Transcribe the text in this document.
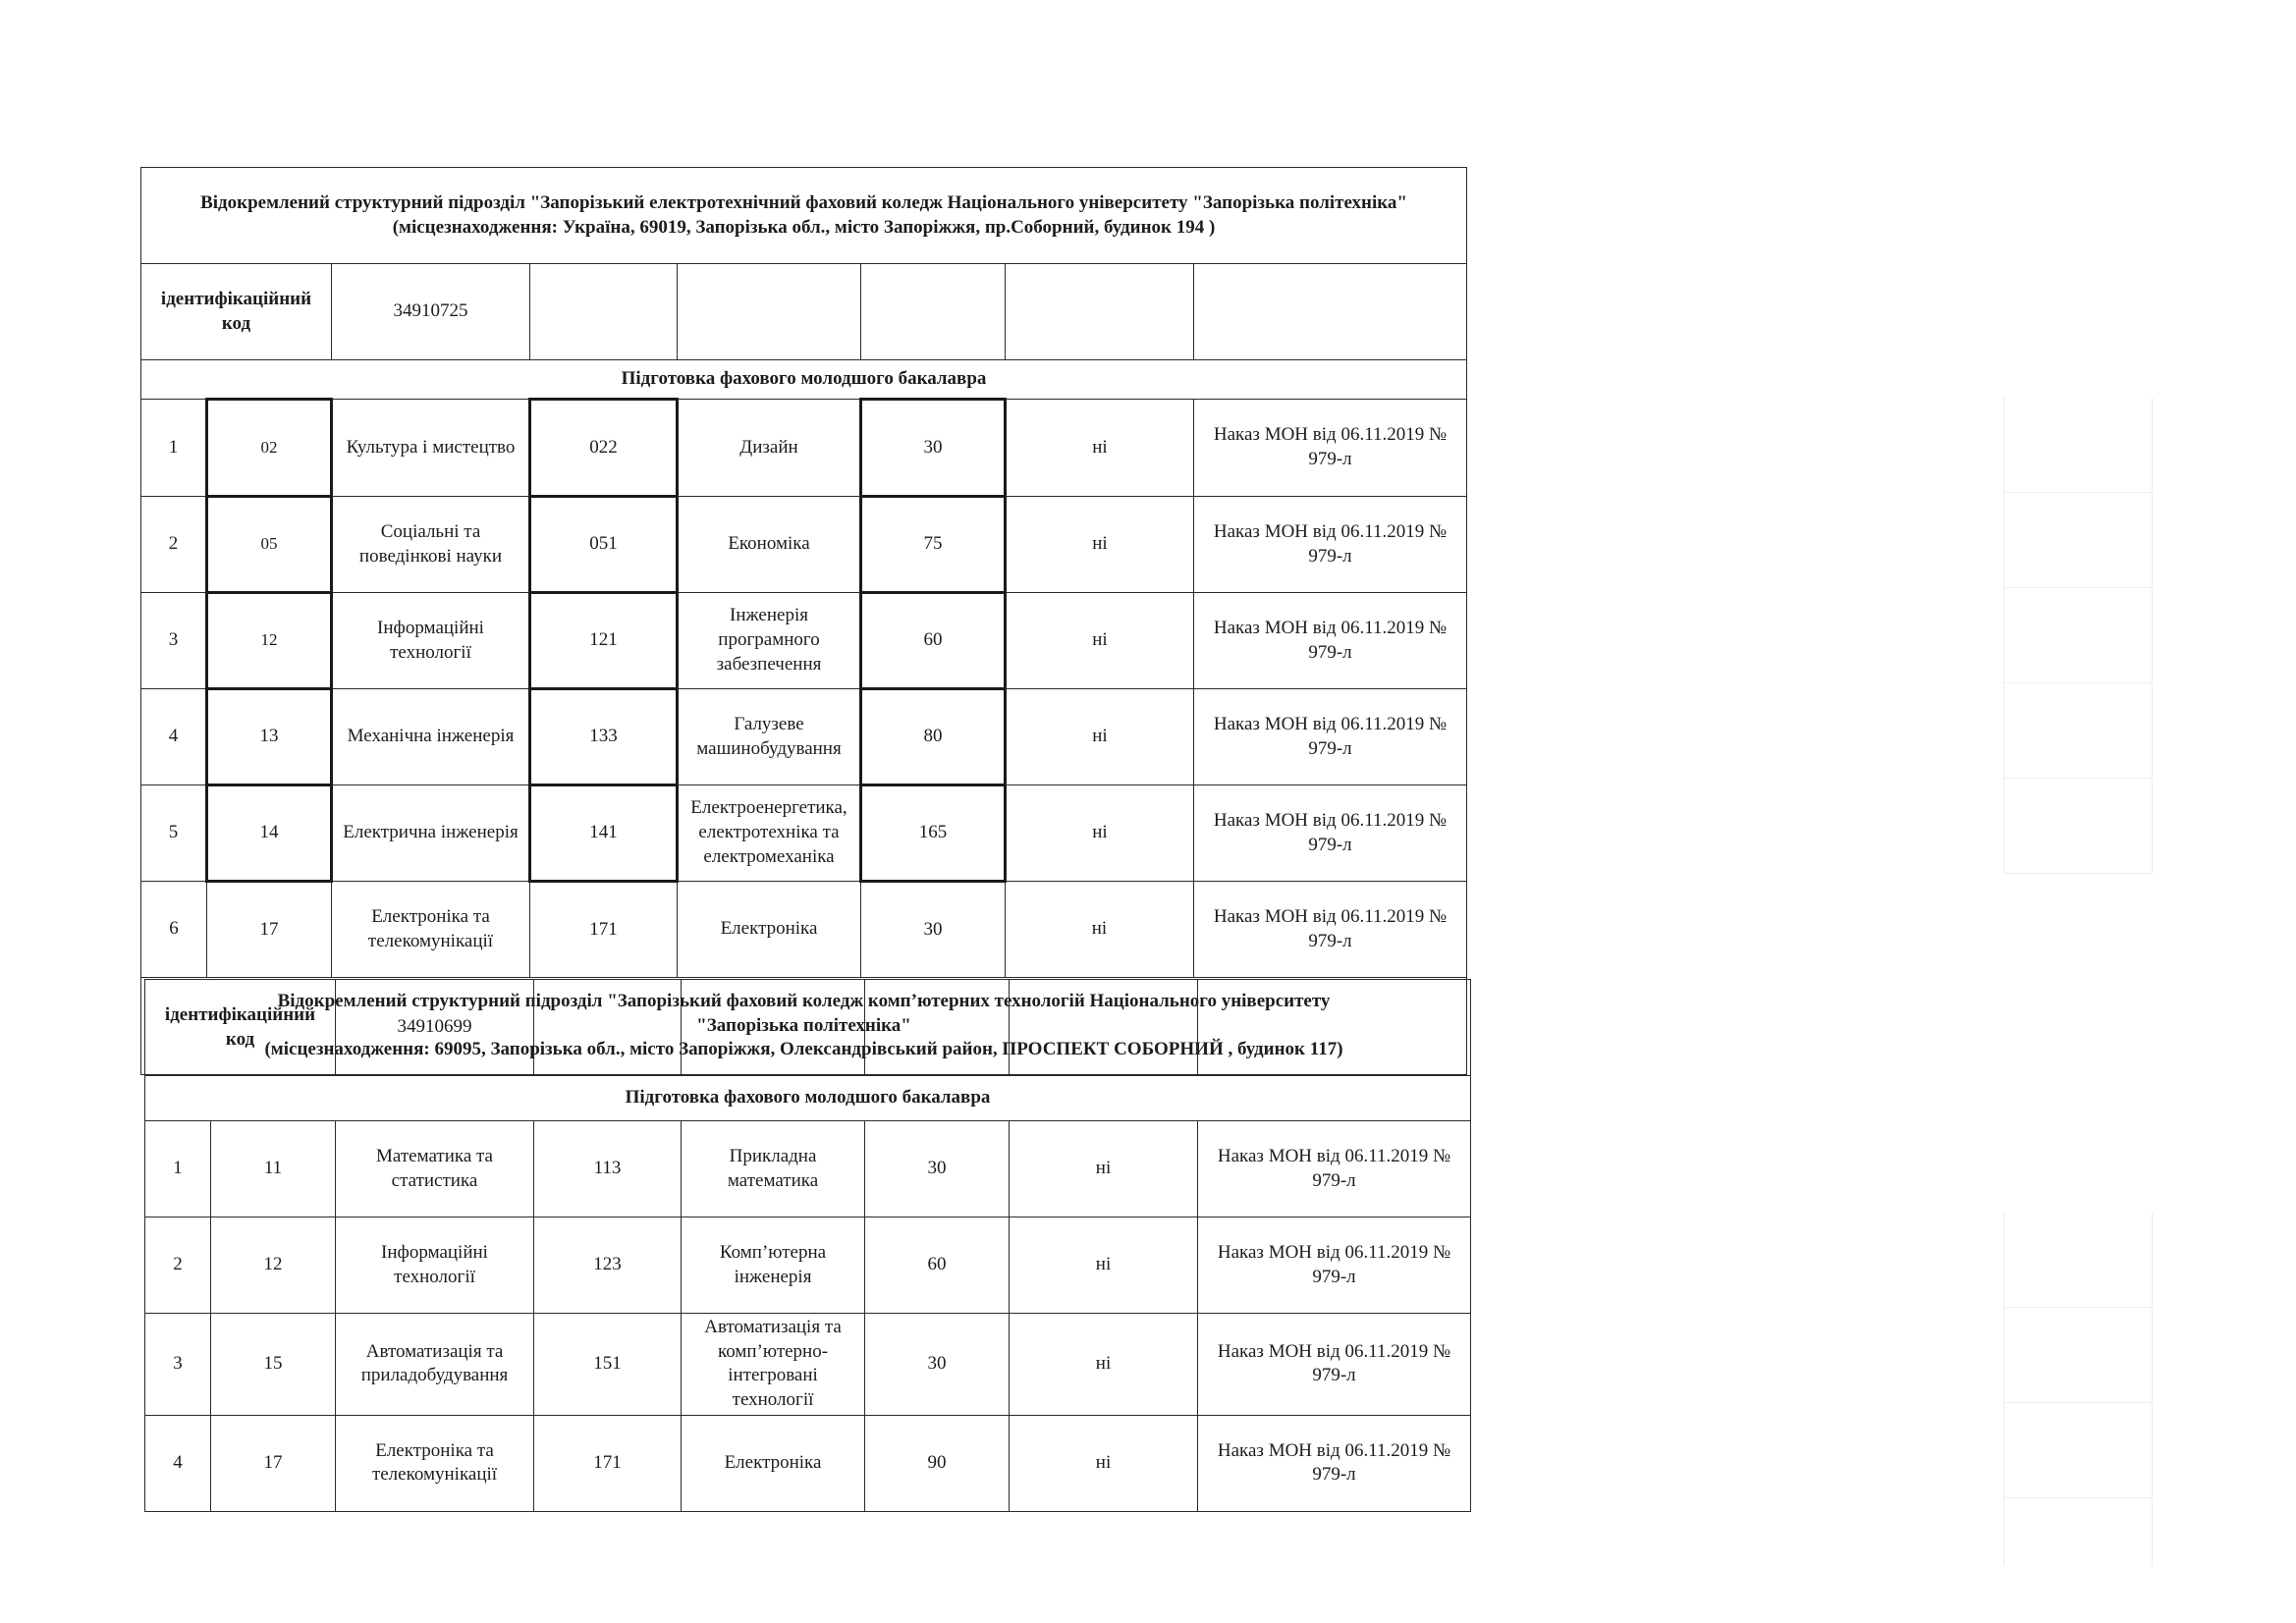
Відокремлений структурний підрозділ "Запорізький електротехнічний фаховий коледж Національного університету "Запорізька політехніка"
(місцезнаходження: Україна, 69019, Запорізька обл., місто Запоріжжя, пр.Соборний, будинок 194 )							

ідентифікаційний код		34910725					
Підготовка фахового молодшого бакалавра							
1	02	Культура і мистецтво	022	Дизайн	30	ні	Наказ МОН від 06.11.2019 № 979-л
2	05	Соціальні та поведінкові науки	051	Економіка	75	ні	Наказ МОН від 06.11.2019 № 979-л
3	12	Інформаційні технології	121	Інженерія програмного забезпечення	60	ні	Наказ МОН від 06.11.2019 № 979-л
4	13	Механічна інженерія	133	Галузеве машинобудування	80	ні	Наказ МОН від 06.11.2019 № 979-л
5	14	Електрична інженерія	141	Електроенергетика, електротехніка та електромеханіка	165	ні	Наказ МОН від 06.11.2019 № 979-л
6	17	Електроніка та телекомунікації	171	Електроніка	30	ні	Наказ МОН від 06.11.2019 № 979-л

Відокремлений структурний підрозділ "Запорізький фаховий коледж комп’ютерних технологій Національного університету "Запорізька політехніка"
(місцезнаходження: 69095, Запорізька обл., місто Запоріжжя, Олександрівський район, ПРОСПЕКТ СОБОРНИЙ , будинок 117)							
ідентифікаційний код		34910699					
Підготовка фахового молодшого бакалавра							
1	11	Математика та статистика	113	Прикладна математика	30	ні	Наказ МОН від 06.11.2019 № 979-л
2	12	Інформаційні технології	123	Комп’ютерна інженерія	60	ні	Наказ МОН від 06.11.2019 № 979-л
3	15	Автоматизація та приладобудування	151	Автоматизація та комп’ютерно-інтегровані технології	30	ні	Наказ МОН від 06.11.2019 № 979-л
4	17	Електроніка та телекомунікації	171	Електроніка	90	ні	Наказ МОН від 06.11.2019 № 979-л
